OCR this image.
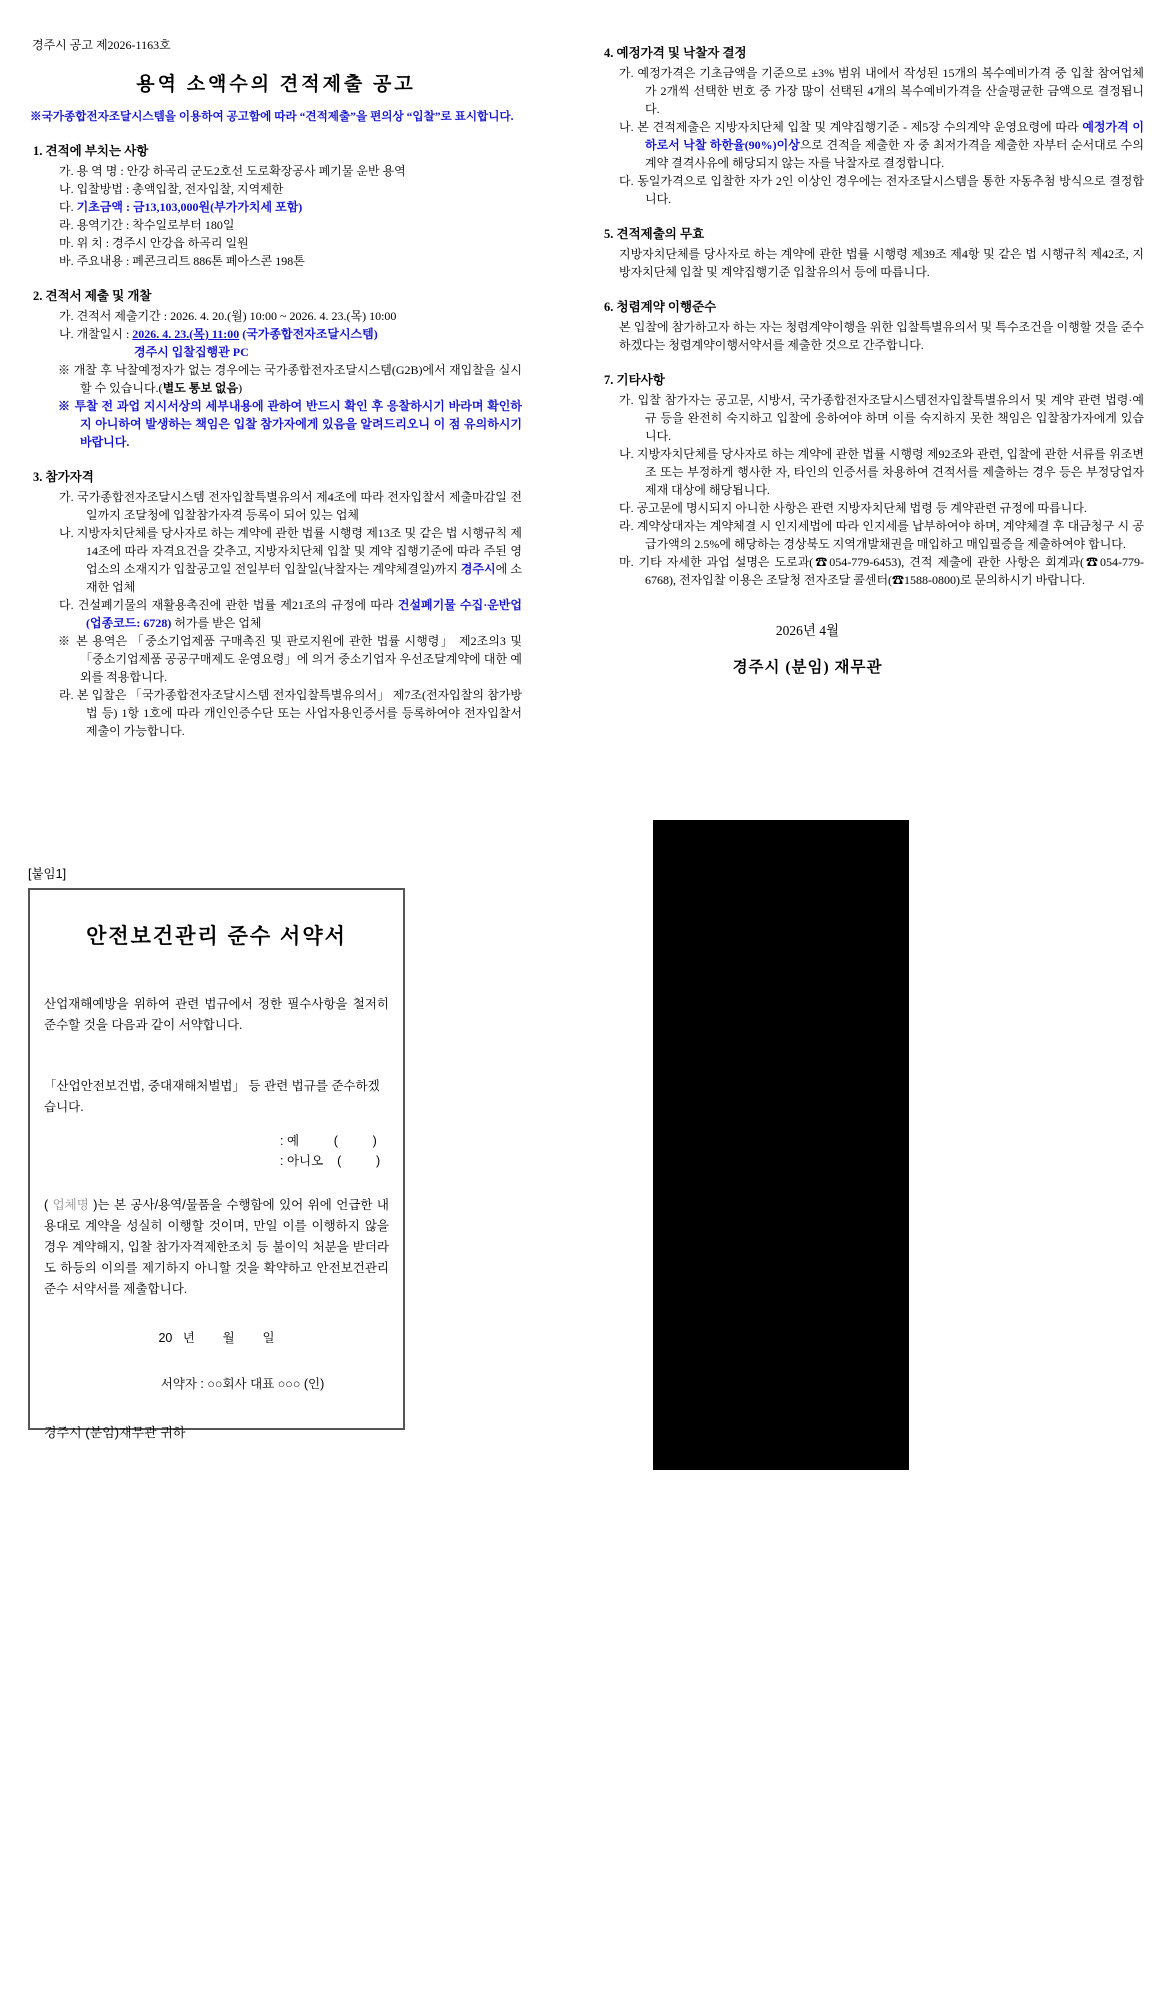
경주시 공고 제2026-1163호
용역 소액수의 견적제출 공고
※국가종합전자조달시스템을 이용하여 공고함에 따라 “견적제출”을 편의상 “입찰”로 표시합니다.
1. 견적에 부치는 사항

가. 용 역 명 : 안강 하곡리 군도2호선 도로확장공사 폐기물 운반 용역

나. 입찰방법 : 총액입찰, 전자입찰, 지역제한

다. 기초금액 : 금13,103,000원(부가가치세 포함)

라. 용역기간 : 착수일로부터 180일

마. 위 치 : 경주시 안강읍 하곡리 일원

바. 주요내용 : 폐콘크리트 886톤 폐아스콘 198톤

2. 견적서 제출 및 개찰

가. 견적서 제출기간 : 2026. 4. 20.(월) 10:00 ~ 2026. 4. 23.(목) 10:00

나. 개찰일시 : 2026. 4. 23.(목) 11:00 (국가종합전자조달시스템)

경주시 입찰집행관 PC

※ 개찰 후 낙찰예정자가 없는 경우에는 국가종합전자조달시스템(G2B)에서 재입찰을 실시할 수 있습니다.(별도 통보 없음)

※ 투찰 전 과업 지시서상의 세부내용에 관하여 반드시 확인 후 응찰하시기 바라며 확인하지 아니하여 발생하는 책임은 입찰 참가자에게 있음을 알려드리오니 이 점 유의하시기 바랍니다.

3. 참가자격

가. 국가종합전자조달시스템 전자입찰특별유의서 제4조에 따라 전자입찰서 제출마감일 전일까지 조달청에 입찰참가자격 등록이 되어 있는 업체

나. 지방자치단체를 당사자로 하는 계약에 관한 법률 시행령 제13조 및 같은 법 시행규칙 제14조에 따라 자격요건을 갖추고, 지방자치단체 입찰 및 계약 집행기준에 따라 주된 영업소의 소재지가 입찰공고일 전일부터 입찰일(낙찰자는 계약체결일)까지 경주시에 소재한 업체

다. 건설폐기물의 재활용촉진에 관한 법률 제21조의 규정에 따라 건설폐기물 수집·운반업(업종코드: 6728) 허가를 받은 업체

※ 본 용역은 「중소기업제품 구매촉진 및 판로지원에 관한 법률 시행령」 제2조의3 및 「중소기업제품 공공구매제도 운영요령」에 의거 중소기업자 우선조달계약에 대한 예외를 적용합니다.

라. 본 입찰은 「국가종합전자조달시스템 전자입찰특별유의서」 제7조(전자입찰의 참가방법 등) 1항 1호에 따라 개인인증수단 또는 사업자용인증서를 등록하여야 전자입찰서 제출이 가능합니다.

4. 예정가격 및 낙찰자 결정

가. 예정가격은 기초금액을 기준으로 ±3% 범위 내에서 작성된 15개의 복수예비가격 중 입찰 참여업체가 2개씩 선택한 번호 중 가장 많이 선택된 4개의 복수예비가격을 산술평균한 금액으로 결정됩니다.

나. 본 견적제출은 지방자치단체 입찰 및 계약집행기준 - 제5장 수의계약 운영요령에 따라 예정가격 이하로서 낙찰 하한율(90%)이상으로 견적을 제출한 자 중 최저가격을 제출한 자부터 순서대로 수의계약 결격사유에 해당되지 않는 자를 낙찰자로 결정합니다.

다. 동일가격으로 입찰한 자가 2인 이상인 경우에는 전자조달시스템을 통한 자동추첨 방식으로 결정합니다.

5. 견적제출의 무효

지방자치단체를 당사자로 하는 계약에 관한 법률 시행령 제39조 제4항 및 같은 법 시행규칙 제42조, 지방자치단체 입찰 및 계약집행기준 입찰유의서 등에 따릅니다.

6. 청렴계약 이행준수

본 입찰에 참가하고자 하는 자는 청렴계약이행을 위한 입찰특별유의서 및 특수조건을 이행할 것을 준수하겠다는 청렴계약이행서약서를 제출한 것으로 간주합니다.

7. 기타사항

가. 입찰 참가자는 공고문, 시방서, 국가종합전자조달시스템전자입찰특별유의서 및 계약 관련 법령·예규 등을 완전히 숙지하고 입찰에 응하여야 하며 이를 숙지하지 못한 책임은 입찰참가자에게 있습니다.

나. 지방자치단체를 당사자로 하는 계약에 관한 법률 시행령 제92조와 관련, 입찰에 관한 서류를 위조변조 또는 부정하게 행사한 자, 타인의 인증서를 차용하여 견적서를 제출하는 경우 등은 부정당업자 제재 대상에 해당됩니다.

다. 공고문에 명시되지 아니한 사항은 관련 지방자치단체 법령 등 계약관련 규정에 따릅니다.

라. 계약상대자는 계약체결 시 인지세법에 따라 인지세를 납부하여야 하며, 계약체결 후 대금청구 시 공급가액의 2.5%에 해당하는 경상북도 지역개발채권을 매입하고 매입필증을 제출하여야 합니다.

마. 기타 자세한 과업 설명은 도로과(☎054-779-6453), 견적 제출에 관한 사항은 회계과(☎054-779-6768), 전자입찰 이용은 조달청 전자조달 콜센터(☎1588-0800)로 문의하시기 바랍니다.

2026년 4월
경주시 (분임) 재무관
[붙임1]
안전보건관리 준수 서약서

산업재해예방을 위하여 관련 법규에서 정한 필수사항을 철저히 준수할 것을 다음과 같이 서약합니다.

「산업안전보건법, 중대재해처벌법」 등 관련 법규를 준수하겠습니다.

: 예          (          )
: 아니오    (          )

( 업체명 )는 본 공사/용역/물품을 수행함에 있어 위에 언급한 내용대로 계약을 성실히 이행할 것이며, 만일 이를 이행하지 않을 경우 계약해지, 입찰 참가자격제한조치 등 불이익 처분을 받더라도 하등의 이의를 제기하지 아니할 것을 확약하고 안전보건관리 준수 서약서를 제출합니다.

20   년        월        일
서약자 : ○○회사 대표 ○○○ (인)
경주시 (분임)재무관 귀하
